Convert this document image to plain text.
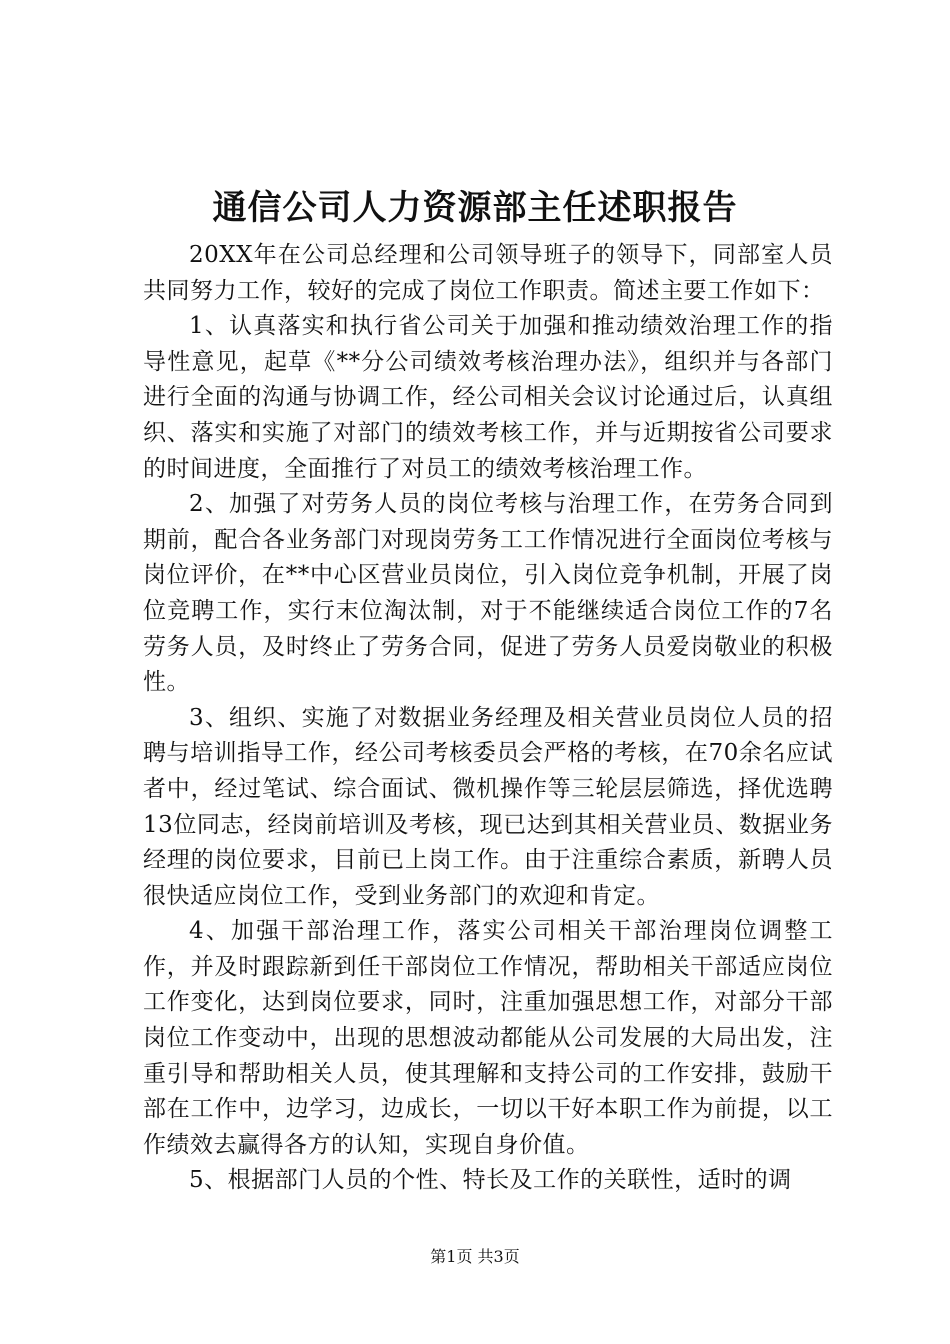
通信公司人力资源部主任述职报告

20XX年在公司总经理和公司领导班子的领导下，同部室人员共同努力工作，较好的完成了岗位工作职责。简述主要工作如下：

1、认真落实和执行省公司关于加强和推动绩效治理工作的指导性意见，起草《**分公司绩效考核治理办法》，组织并与各部门进行全面的沟通与协调工作，经公司相关会议讨论通过后，认真组织、落实和实施了对部门的绩效考核工作，并与近期按省公司要求的时间进度，全面推行了对员工的绩效考核治理工作。

2、加强了对劳务人员的岗位考核与治理工作，在劳务合同到期前，配合各业务部门对现岗劳务工工作情况进行全面岗位考核与岗位评价，在**中心区营业员岗位，引入岗位竞争机制，开展了岗位竞聘工作，实行末位淘汰制，对于不能继续适合岗位工作的7名劳务人员，及时终止了劳务合同，促进了劳务人员爱岗敬业的积极性。

3、组织、实施了对数据业务经理及相关营业员岗位人员的招聘与培训指导工作，经公司考核委员会严格的考核，在70余名应试者中，经过笔试、综合面试、微机操作等三轮层层筛选，择优选聘13位同志，经岗前培训及考核，现已达到其相关营业员、数据业务经理的岗位要求，目前已上岗工作。由于注重综合素质，新聘人员很快适应岗位工作，受到业务部门的欢迎和肯定。

4、加强干部治理工作，落实公司相关干部治理岗位调整工作，并及时跟踪新到任干部岗位工作情况，帮助相关干部适应岗位工作变化，达到岗位要求，同时，注重加强思想工作，对部分干部岗位工作变动中，出现的思想波动都能从公司发展的大局出发，注重引导和帮助相关人员，使其理解和支持公司的工作安排，鼓励干部在工作中，边学习，边成长，一切以干好本职工作为前提，以工作绩效去赢得各方的认知，实现自身价值。

5、根据部门人员的个性、特长及工作的关联性，适时的调

第1页 共3页
